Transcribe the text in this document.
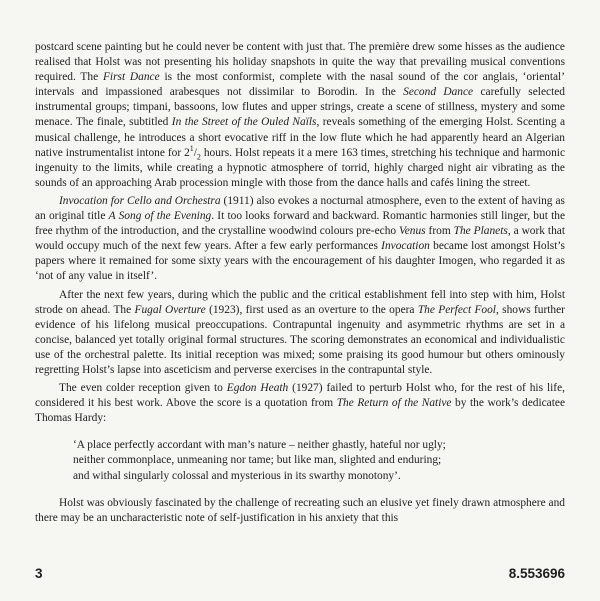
postcard scene painting but he could never be content with just that. The première drew some hisses as the audience realised that Holst was not presenting his holiday snapshots in quite the way that prevailing musical conventions required. The First Dance is the most conformist, complete with the nasal sound of the cor anglais, ‘oriental’ intervals and impassioned arabesques not dissimilar to Borodin. In the Second Dance carefully selected instrumental groups; timpani, bassoons, low flutes and upper strings, create a scene of stillness, mystery and some menace. The finale, subtitled In the Street of the Ouled Naïls, reveals something of the emerging Holst. Scenting a musical challenge, he introduces a short evocative riff in the low flute which he had apparently heard an Algerian native instrumentalist intone for $2^1/_2$ hours. Holst repeats it a mere 163 times, stretching his technique and harmonic ingenuity to the limits, while creating a hypnotic atmosphere of torrid, highly charged night air vibrating as the sounds of an approaching Arab procession mingle with those from the dance halls and cafés lining the street.

Invocation for Cello and Orchestra (1911) also evokes a nocturnal atmosphere, even to the extent of having as an original title A Song of the Evening. It too looks forward and backward. Romantic harmonies still linger, but the free rhythm of the introduction, and the crystalline woodwind colours pre-echo Venus from The Planets, a work that would occupy much of the next few years. After a few early performances Invocation became lost amongst Holst’s papers where it remained for some sixty years with the encouragement of his daughter Imogen, who regarded it as ‘not of any value in itself’.

After the next few years, during which the public and the critical establishment fell into step with him, Holst strode on ahead. The Fugal Overture (1923), first used as an overture to the opera The Perfect Fool, shows further evidence of his lifelong musical preoccupations. Contrapuntal ingenuity and asymmetric rhythms are set in a concise, balanced yet totally original formal structures. The scoring demonstrates an economical and individualistic use of the orchestral palette. Its initial reception was mixed; some praising its good humour but others ominously regretting Holst’s lapse into asceticism and perverse exercises in the contrapuntal style.

The even colder reception given to Egdon Heath (1927) failed to perturb Holst who, for the rest of his life, considered it his best work. Above the score is a quotation from The Return of the Native by the work’s dedicatee Thomas Hardy:

‘A place perfectly accordant with man’s nature – neither ghastly, hateful nor ugly;
neither commonplace, unmeaning nor tame; but like man, slighted and enduring;
and withal singularly colossal and mysterious in its swarthy monotony’.

Holst was obviously fascinated by the challenge of recreating such an elusive yet finely drawn atmosphere and there may be an uncharacteristic note of self-justification in his anxiety that this

3	8.553696
